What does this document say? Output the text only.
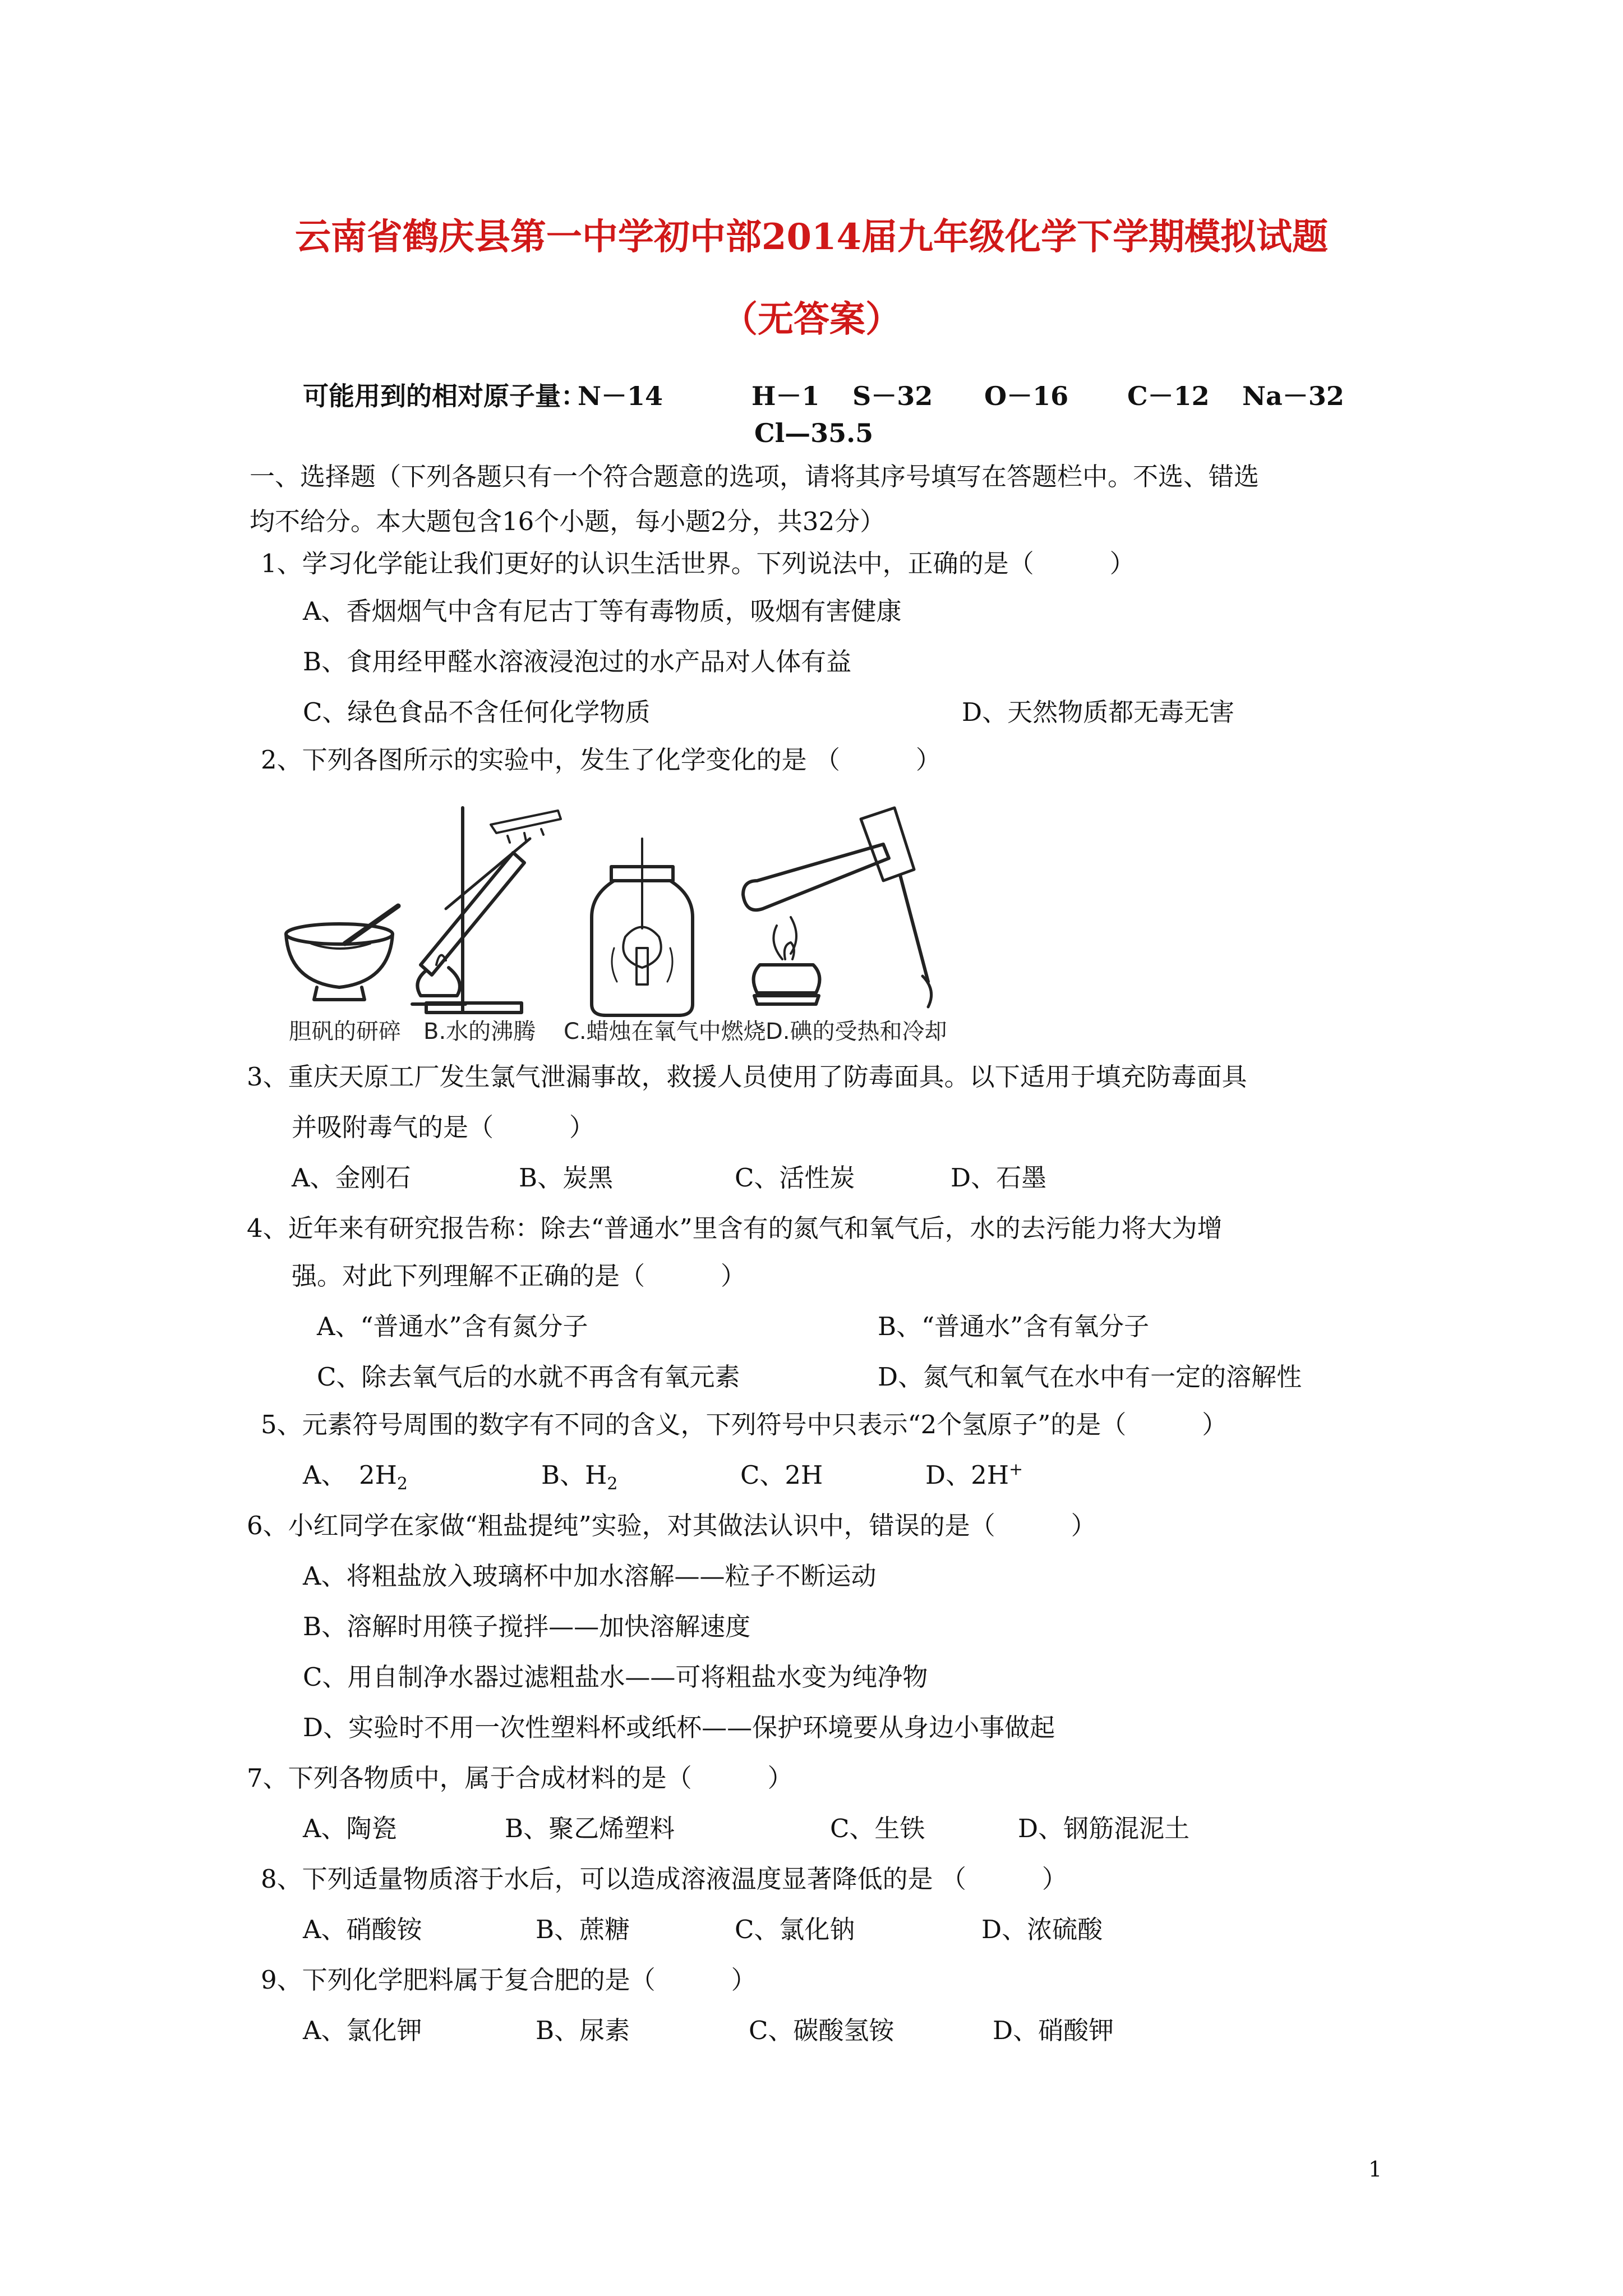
云南省鹤庆县第一中学初中部2014届九年级化学下学期模拟试题
（无答案）
可能用到的相对原子量：
N－14	H－1 S－32 O－16 C－12 Na－32
Cl—35.5
一、选择题（下列各题只有一个符合题意的选项，请将其序号填写在答题栏中。不选、错选
均不给分。本大题包含16个小题，每小题2分，共32分）
1、学习化学能让我们更好的认识生活世界。下列说法中，正确的是（　　　）
A、香烟烟气中含有尼古丁等有毒物质，吸烟有害健康
B、食用经甲醛水溶液浸泡过的水产品对人体有益
C、绿色食品不含任何化学物质	D、天然物质都无毒无害
2、下列各图所示的实验中，发生了化学变化的是 （　　　）
胆矾的研碎 B.水的沸腾 C.蜡烛在氧气中燃烧 D.碘的受热和冷却
3、重庆天原工厂发生氯气泄漏事故，救援人员使用了防毒面具。以下适用于填充防毒面具
并吸附毒气的是（　　　）
A、金刚石	B、炭黑	C、活性炭	D、石墨
4、近年来有研究报告称：除去“普通水”里含有的氮气和氧气后，水的去污能力将大为增
强。对此下列理解不正确的是（　　　）
A、“普通水”含有氮分子	B、“普通水”含有氧分子
C、除去氧气后的水就不再含有氧元素	D、氮气和氧气在水中有一定的溶解性
5、元素符号周围的数字有不同的含义，下列符号中只表示“2个氢原子”的是（　　　）
A、　$2H_2$	B、$H_2$	C、2H	D、2H+
6、小红同学在家做“粗盐提纯”实验，对其做法认识中，错误的是（　　　）
A、将粗盐放入玻璃杯中加水溶解——粒子不断运动
B、溶解时用筷子搅拌——加快溶解速度
C、用自制净水器过滤粗盐水——可将粗盐水变为纯净物
D、实验时不用一次性塑料杯或纸杯——保护环境要从身边小事做起
7、下列各物质中，属于合成材料的是（　　　）
A、陶瓷	B、聚乙烯塑料	C、生铁	D、钢筋混泥土
8、下列适量物质溶于水后，可以造成溶液温度显著降低的是 （　　　）
A、硝酸铵	B、蔗糖	C、氯化钠	D、浓硫酸
9、下列化学肥料属于复合肥的是（　　　）
A、氯化钾	B、尿素	C、碳酸氢铵	D、硝酸钾
1
